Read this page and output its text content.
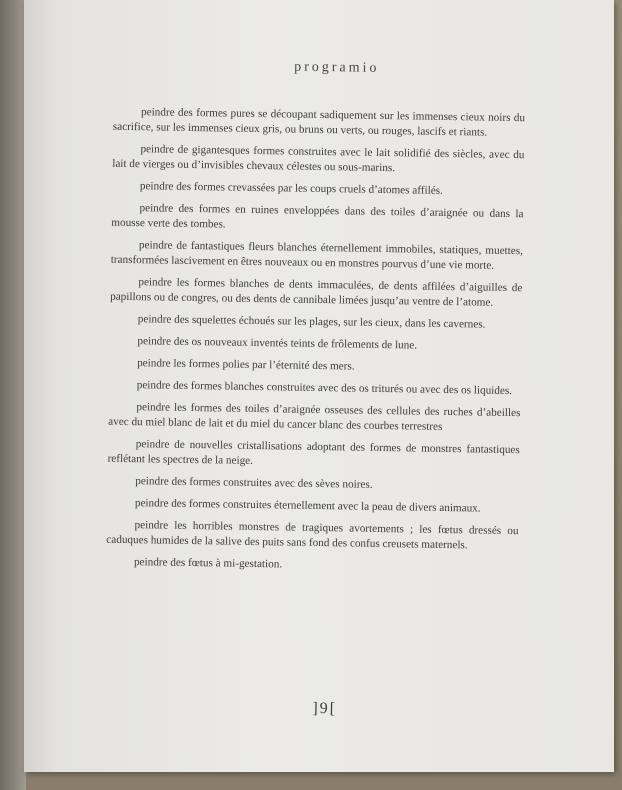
programio

peindre des formes pures se découpant sadiquement sur les immenses cieux noirs du sacrifice, sur les immenses cieux gris, ou bruns ou verts, ou rouges, lascifs et riants.

peindre de gigantesques formes construites avec le lait solidifié des siècles, avec du lait de vierges ou d’invisibles chevaux célestes ou sous-marins.

peindre des formes crevassées par les coups cruels d’atomes affilés.

peindre des formes en ruines enveloppées dans des toiles d’araignée ou dans la mousse verte des tombes.

peindre de fantastiques fleurs blanches éternellement immobiles, statiques, muettes, transformées lascivement en êtres nouveaux ou en monstres pourvus d’une vie morte.

peindre les formes blanches de dents immaculées, de dents affilées d’aiguilles de papillons ou de congres, ou des dents de cannibale limées jusqu’au ventre de l’atome.

peindre des squelettes échoués sur les plages, sur les cieux, dans les cavernes.

peindre des os nouveaux inventés teints de frôlements de lune.

peindre les formes polies par l’éternité des mers.

peindre des formes blanches construites avec des os triturés ou avec des os liquides.

peindre les formes des toiles d’araignée osseuses des cellules des ruches d’abeilles avec du miel blanc de lait et du miel du cancer blanc des courbes terrestres

peindre de nouvelles cristallisations adoptant des formes de monstres fantastiques reflétant les spectres de la neige.

peindre des formes construites avec des sèves noires.

peindre des formes construites éternellement avec la peau de divers animaux.

peindre les horribles monstres de tragiques avortements ; les fœtus dressés ou caduques humides de la salive des puits sans fond des confus creusets maternels.

peindre des fœtus à mi-gestation.

]9[
